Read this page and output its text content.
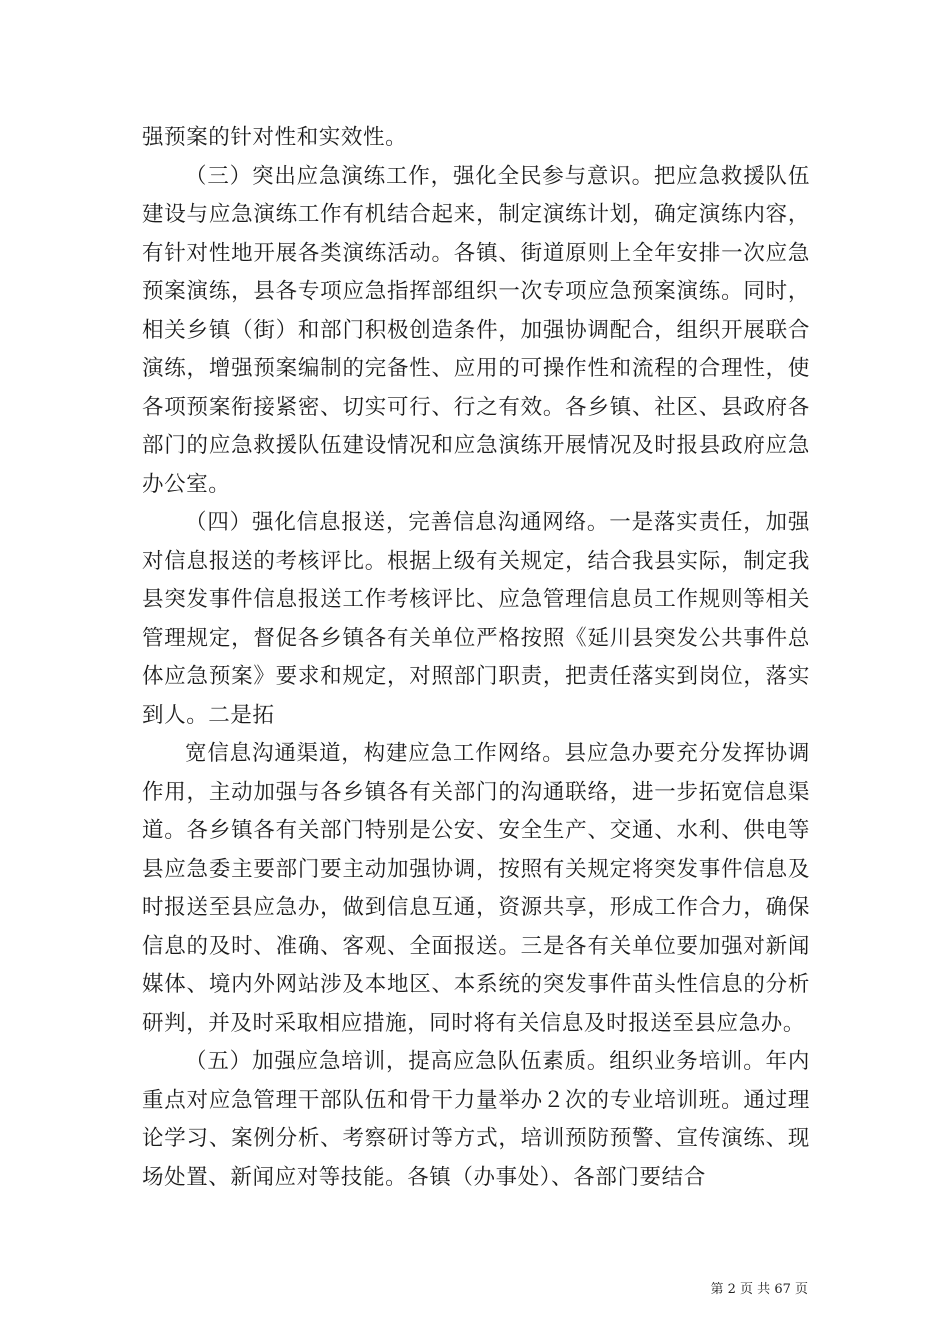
强预案的针对性和实效性。

（三）突出应急演练工作，强化全民参与意识。把应急救援队伍建设与应急演练工作有机结合起来，制定演练计划，确定演练内容，有针对性地开展各类演练活动。各镇、街道原则上全年安排一次应急预案演练，县各专项应急指挥部组织一次专项应急预案演练。同时，相关乡镇（街）和部门积极创造条件，加强协调配合，组织开展联合演练，增强预案编制的完备性、应用的可操作性和流程的合理性，使各项预案衔接紧密、切实可行、行之有效。各乡镇、社区、县政府各部门的应急救援队伍建设情况和应急演练开展情况及时报县政府应急办公室。

（四）强化信息报送，完善信息沟通网络。一是落实责任，加强对信息报送的考核评比。根据上级有关规定，结合我县实际，制定我县突发事件信息报送工作考核评比、应急管理信息员工作规则等相关管理规定，督促各乡镇各有关单位严格按照《延川县突发公共事件总体应急预案》要求和规定，对照部门职责，把责任落实到岗位，落实到人。二是拓

宽信息沟通渠道，构建应急工作网络。县应急办要充分发挥协调作用，主动加强与各乡镇各有关部门的沟通联络，进一步拓宽信息渠道。各乡镇各有关部门特别是公安、安全生产、交通、水利、供电等县应急委主要部门要主动加强协调，按照有关规定将突发事件信息及时报送至县应急办，做到信息互通，资源共享，形成工作合力，确保信息的及时、准确、客观、全面报送。三是各有关单位要加强对新闻媒体、境内外网站涉及本地区、本系统的突发事件苗头性信息的分析研判，并及时采取相应措施，同时将有关信息及时报送至县应急办。

（五）加强应急培训，提高应急队伍素质。组织业务培训。年内重点对应急管理干部队伍和骨干力量举办２次的专业培训班。通过理论学习、案例分析、考察研讨等方式，培训预防预警、宣传演练、现场处置、新闻应对等技能。各镇（办事处）、各部门要结合

第 2 页 共 67 页
